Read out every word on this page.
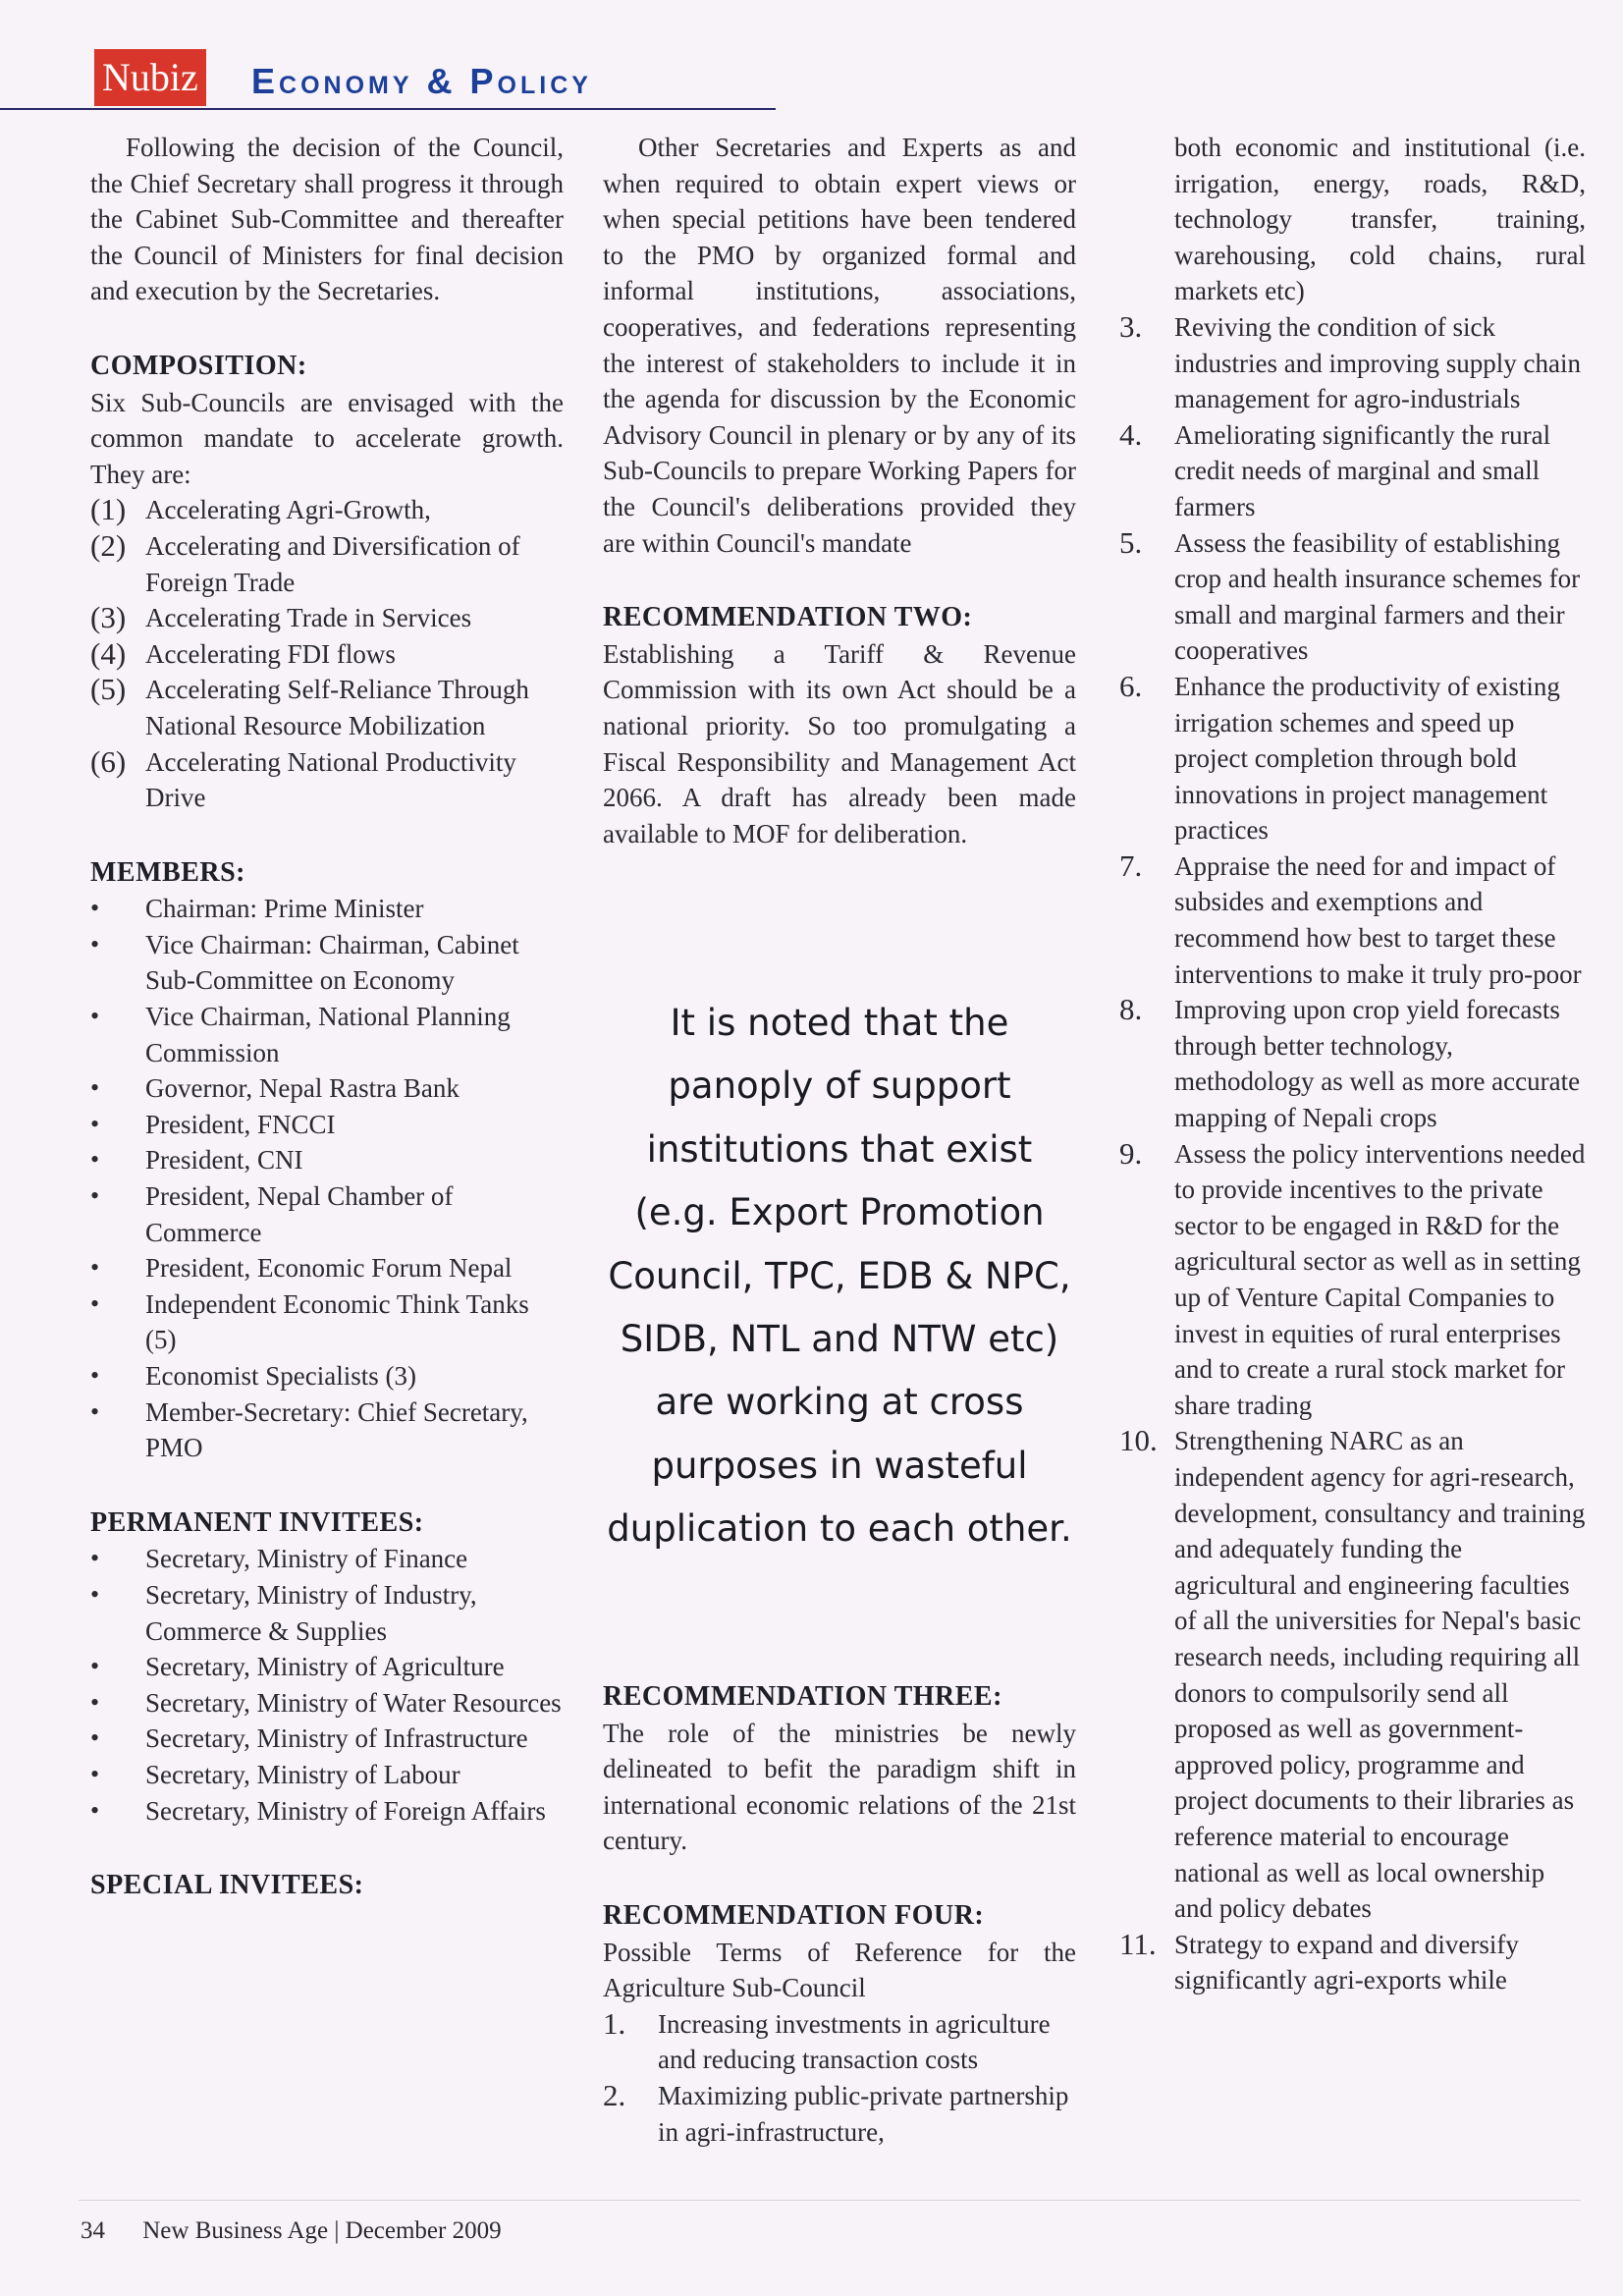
Nubiz Economy & Policy

Following the decision of the Council, the Chief Secretary shall progress it through the Cabinet Sub-Committee and thereafter the Council of Ministers for final decision and execution by the Secretaries.

COMPOSITION:

Six Sub-Councils are envisaged with the common mandate to accelerate growth. They are:

(1) Accelerating Agri-Growth,
(2) Accelerating and Diversification of Foreign Trade
(3) Accelerating Trade in Services
(4) Accelerating FDI flows
(5) Accelerating Self-Reliance Through National Resource Mobilization
(6) Accelerating National Productivity Drive
MEMBERS:
• Chairman: Prime Minister
• Vice Chairman: Chairman, Cabinet Sub-Committee on Economy
• Vice Chairman, National Planning Commission
• Governor, Nepal Rastra Bank
• President, FNCCI
• President, CNI
• President, Nepal Chamber of Commerce
• President, Economic Forum Nepal
• Independent Economic Think Tanks (5)
• Economist Specialists (3)
• Member-Secretary: Chief Secretary, PMO
PERMANENT INVITEES:
• Secretary, Ministry of Finance
• Secretary, Ministry of Industry, Commerce & Supplies
• Secretary, Ministry of Agriculture
• Secretary, Ministry of Water Resources
• Secretary, Ministry of Infrastructure
• Secretary, Ministry of Labour
• Secretary, Ministry of Foreign Affairs
SPECIAL INVITEES:

Other Secretaries and Experts as and when required to obtain expert views or when special petitions have been tendered to the PMO by organized formal and informal institutions, associations, cooperatives, and federations representing the interest of stakeholders to include it in the agenda for discussion by the Economic Advisory Council in plenary or by any of its Sub-Councils to prepare Working Papers for the Council's deliberations provided they are within Council's mandate

RECOMMENDATION TWO:

Establishing a Tariff & Revenue Commission with its own Act should be a national priority. So too promulgating a Fiscal Responsibility and Management Act 2066. A draft has already been made available to MOF for deliberation.

It is noted that the panoply of support institutions that exist (e.g. Export Promotion Council, TPC, EDB & NPC, SIDB, NTL and NTW etc) are working at cross purposes in wasteful duplication to each other.
RECOMMENDATION THREE:

The role of the ministries be newly delineated to befit the paradigm shift in international economic relations of the 21st century.

RECOMMENDATION FOUR:

Possible Terms of Reference for the Agriculture Sub-Council

1. Increasing investments in agriculture and reducing transaction costs
2. Maximizing public-private partnership in agri-infrastructure,

both economic and institutional (i.e. irrigation, energy, roads, R&D, technology transfer, training, warehousing, cold chains, rural markets etc)

3. Reviving the condition of sick industries and improving supply chain management for agro-industrials
4. Ameliorating significantly the rural credit needs of marginal and small farmers
5. Assess the feasibility of establishing crop and health insurance schemes for small and marginal farmers and their cooperatives
6. Enhance the productivity of existing irrigation schemes and speed up project completion through bold innovations in project management practices
7. Appraise the need for and impact of subsides and exemptions and recommend how best to target these interventions to make it truly pro-poor
8. Improving upon crop yield forecasts through better technology, methodology as well as more accurate mapping of Nepali crops
9. Assess the policy interventions needed to provide incentives to the private sector to be engaged in R&D for the agricultural sector as well as in setting up of Venture Capital Companies to invest in equities of rural enterprises and to create a rural stock market for share trading
10. Strengthening NARC as an independent agency for agri-research, development, consultancy and training and adequately funding the agricultural and engineering faculties of all the universities for Nepal's basic research needs, including requiring all donors to compulsorily send all proposed as well as government-approved policy, programme and project documents to their libraries as reference material to encourage national as well as local ownership and policy debates
11. Strategy to expand and diversify significantly agri-exports while
34 New Business Age | December 2009
